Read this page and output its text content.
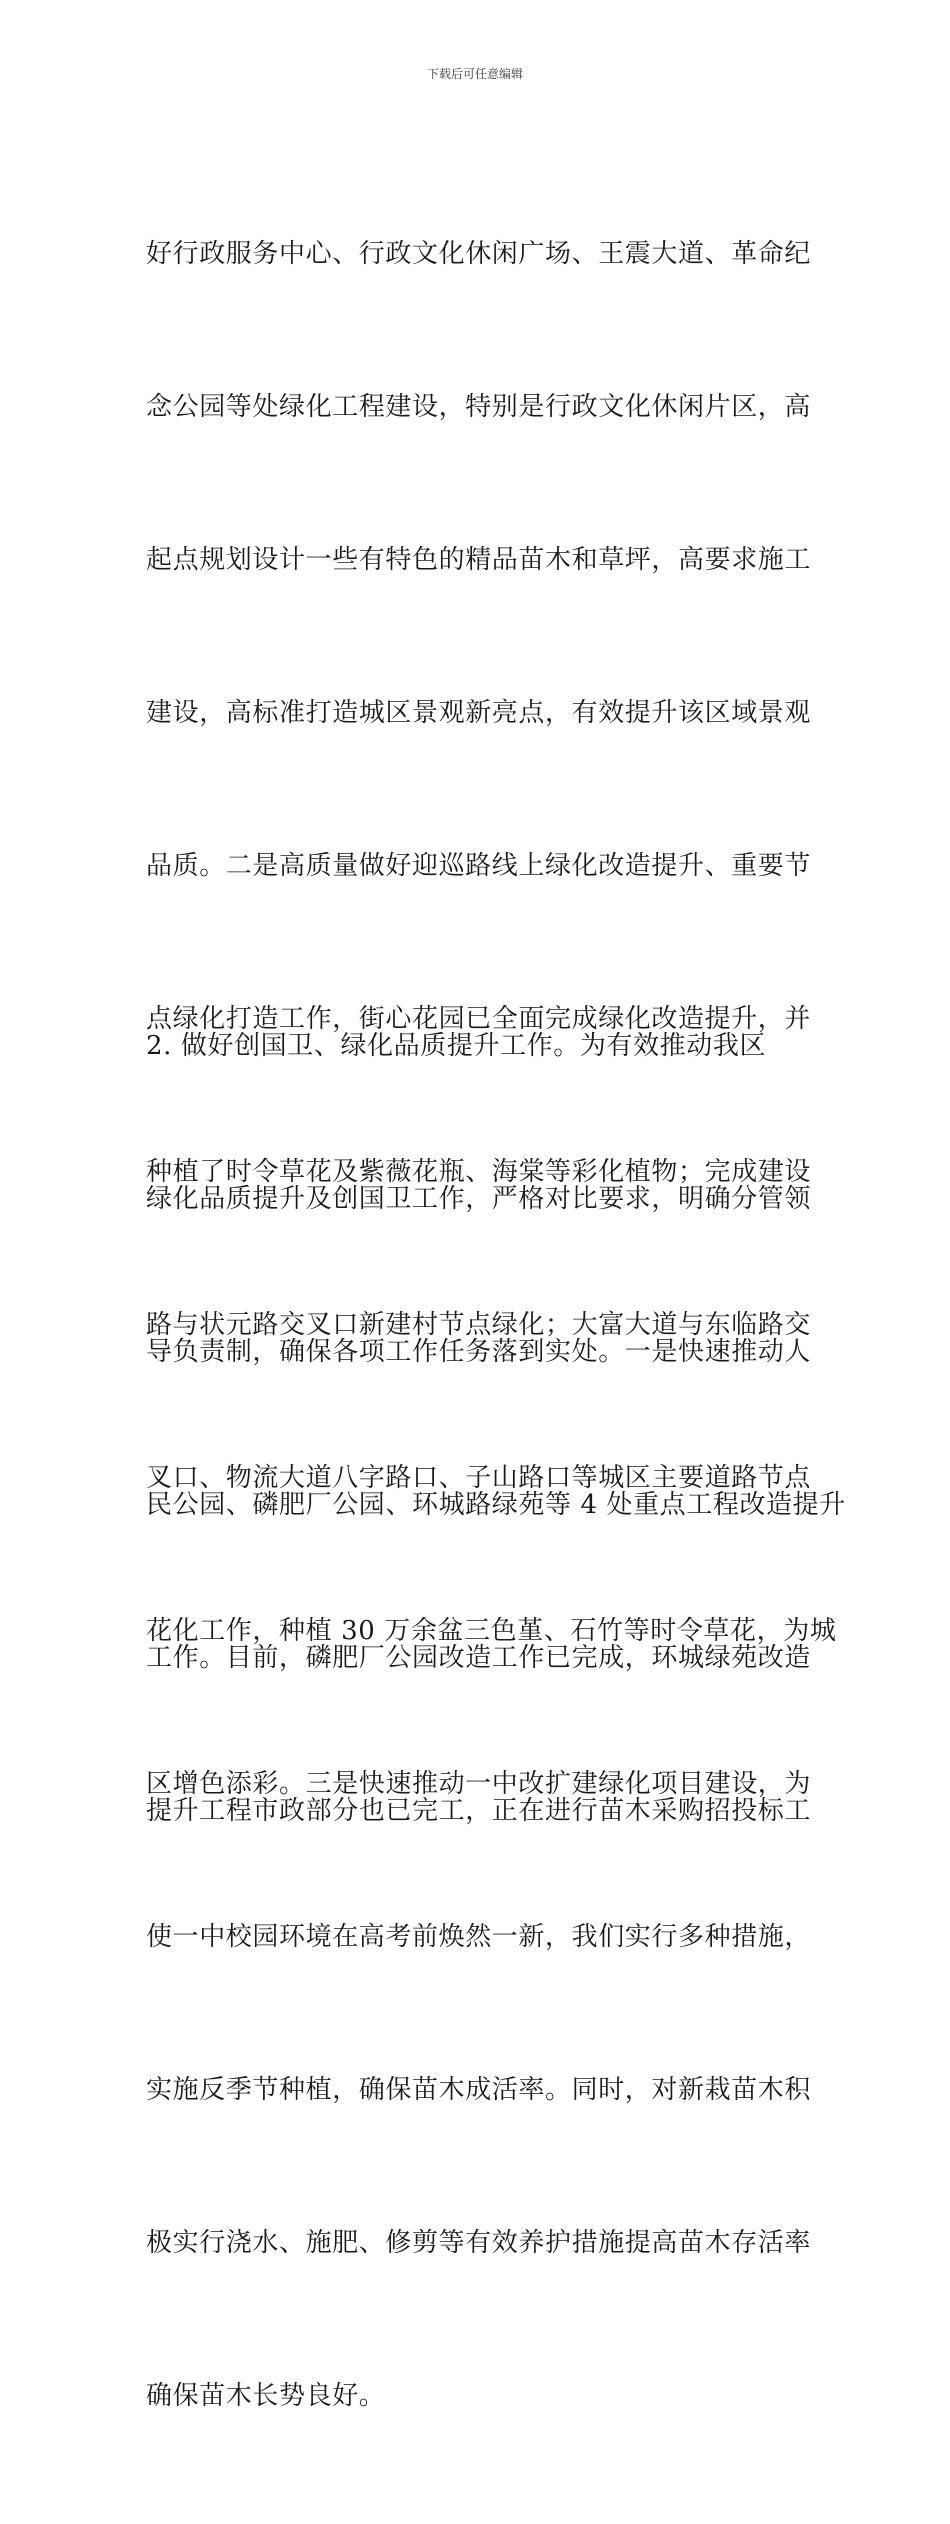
下载后可任意编辑

好行政服务中心、行政文化休闲广场、王震大道、革命纪

念公园等处绿化工程建设，特别是行政文化休闲片区，高

起点规划设计一些有特色的精品苗木和草坪，高要求施工

建设，高标准打造城区景观新亮点，有效提升该区域景观

品质。二是高质量做好迎巡路线上绿化改造提升、重要节

点绿化打造工作，街心花园已全面完成绿化改造提升，并

种植了时令草花及紫薇花瓶、海棠等彩化植物；完成建设

路与状元路交叉口新建村节点绿化；大富大道与东临路交

叉口、物流大道八字路口、子山路口等城区主要道路节点

花化工作，种植 30 万余盆三色堇、石竹等时令草花，为城

区增色添彩。三是快速推动一中改扩建绿化项目建设，为

使一中校园环境在高考前焕然一新，我们实行多种措施，

实施反季节种植，确保苗木成活率。同时，对新栽苗木积

极实行浇水、施肥、修剪等有效养护措施提高苗木存活率

确保苗木长势良好。

2. 做好创国卫、绿化品质提升工作。为有效推动我区

绿化品质提升及创国卫工作，严格对比要求，明确分管领

导负责制，确保各项工作任务落到实处。一是快速推动人

民公园、磷肥厂公园、环城路绿苑等 4 处重点工程改造提升

工作。目前，磷肥厂公园改造工作已完成，环城绿苑改造

提升工程市政部分也已完工，正在进行苗木采购招投标工
